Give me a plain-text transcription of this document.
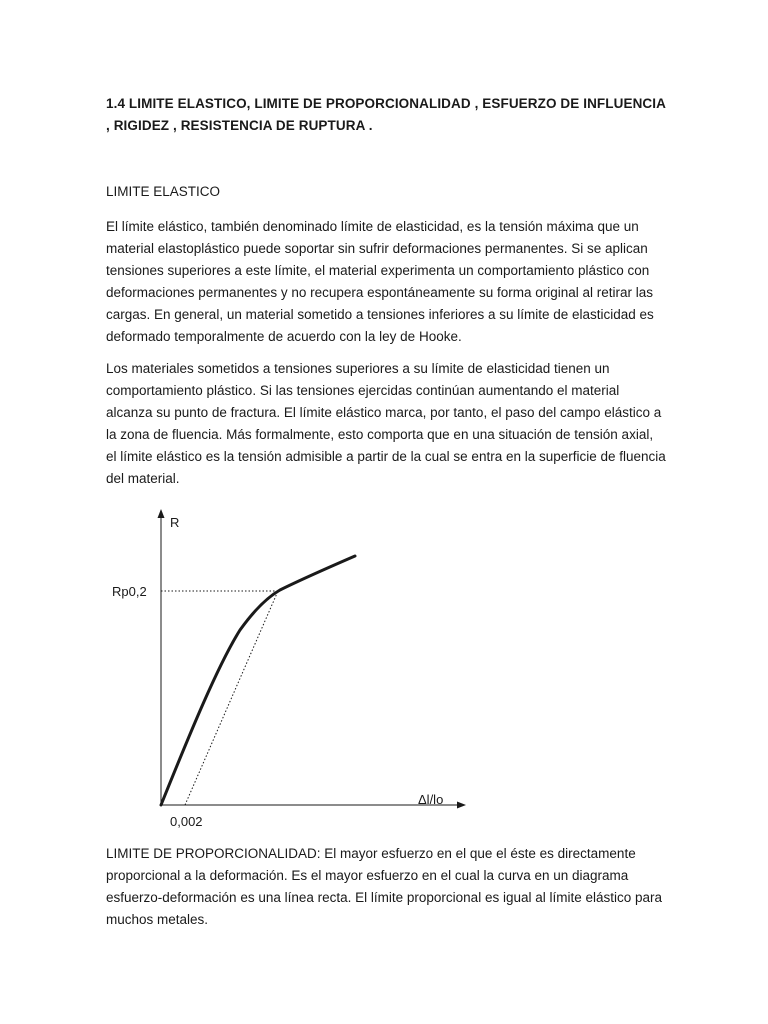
1.4 LIMITE ELASTICO, LIMITE DE PROPORCIONALIDAD , ESFUERZO DE INFLUENCIA , RIGIDEZ , RESISTENCIA DE RUPTURA .
LIMITE ELASTICO

El límite elástico, también denominado límite de elasticidad, es la tensión máxima que un material elastoplástico puede soportar sin sufrir deformaciones permanentes. Si se aplican tensiones superiores a este límite, el material experimenta un comportamiento plástico con deformaciones permanentes y no recupera espontáneamente su forma original al retirar las cargas. En general, un material sometido a tensiones inferiores a su límite de elasticidad es deformado temporalmente de acuerdo con la ley de Hooke.

Los materiales sometidos a tensiones superiores a su límite de elasticidad tienen un comportamiento plástico. Si las tensiones ejercidas continúan aumentando el material alcanza su punto de fractura. El límite elástico marca, por tanto, el paso del campo elástico a la zona de fluencia. Más formalmente, esto comporta que en una situación de tensión axial, el límite elástico es la tensión admisible a partir de la cual se entra en la superficie de fluencia del material.

R
Δl/lo
Rp0,2
0,002

LIMITE DE PROPORCIONALIDAD: El mayor esfuerzo en el que el éste es directamente proporcional a la deformación. Es el mayor esfuerzo en el cual la curva en un diagrama esfuerzo-deformación es una línea recta. El límite proporcional es igual al límite elástico para muchos metales.
